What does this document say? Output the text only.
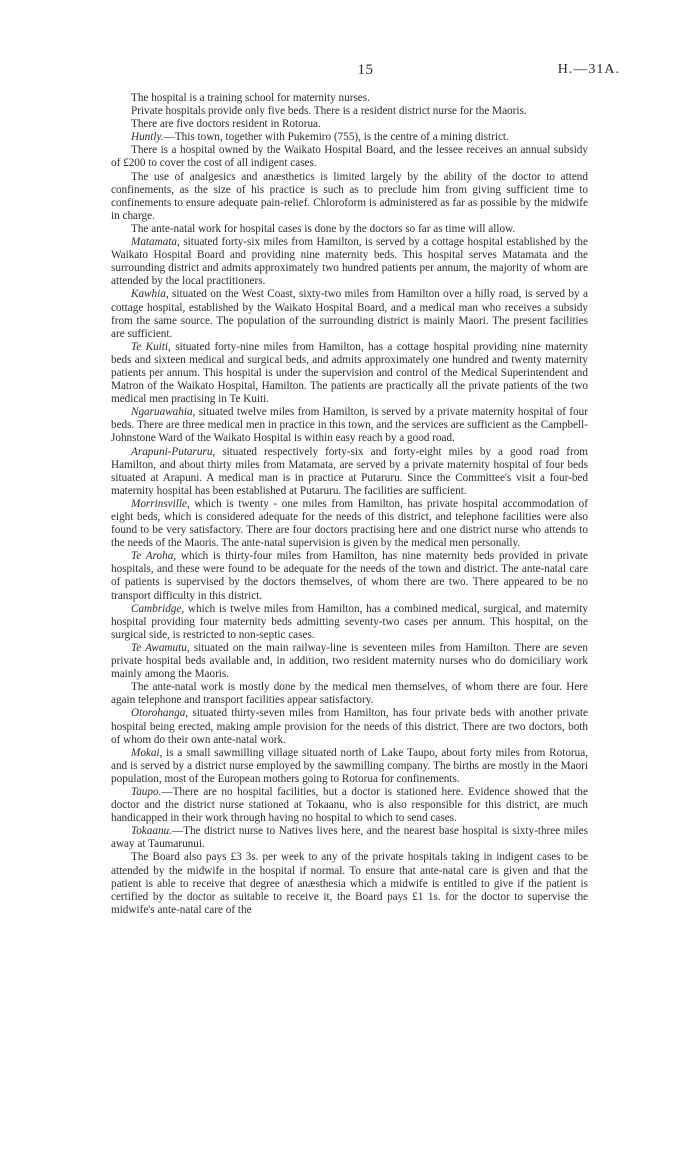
15	H.—31A.

The hospital is a training school for maternity nurses.

Private hospitals provide only five beds. There is a resident district nurse for the Maoris.

There are five doctors resident in Rotorua.

Huntly.—This town, together with Pukemiro (755), is the centre of a mining district.

There is a hospital owned by the Waikato Hospital Board, and the lessee receives an annual subsidy of £200 to cover the cost of all indigent cases.

The use of analgesics and anæsthetics is limited largely by the ability of the doctor to attend confinements, as the size of his practice is such as to preclude him from giving sufficient time to confinements to ensure adequate pain-relief. Chloroform is administered as far as possible by the midwife in charge.

The ante-natal work for hospital cases is done by the doctors so far as time will allow.

Matamata, situated forty-six miles from Hamilton, is served by a cottage hospital established by the Waikato Hospital Board and providing nine maternity beds. This hospital serves Matamata and the surrounding district and admits approximately two hundred patients per annum, the majority of whom are attended by the local practitioners.

Kawhia, situated on the West Coast, sixty-two miles from Hamilton over a hilly road, is served by a cottage hospital, established by the Waikato Hospital Board, and a medical man who receives a subsidy from the same source. The population of the surrounding district is mainly Maori. The present facilities are sufficient.

Te Kuiti, situated forty-nine miles from Hamilton, has a cottage hospital providing nine maternity beds and sixteen medical and surgical beds, and admits approximately one hundred and twenty maternity patients per annum. This hospital is under the supervision and control of the Medical Superintendent and Matron of the Waikato Hospital, Hamilton. The patients are practically all the private patients of the two medical men practising in Te Kuiti.

Ngaruawahia, situated twelve miles from Hamilton, is served by a private maternity hospital of four beds. There are three medical men in practice in this town, and the services are sufficient as the Campbell-Johnstone Ward of the Waikato Hospital is within easy reach by a good road.

Arapuni-Putaruru, situated respectively forty-six and forty-eight miles by a good road from Hamilton, and about thirty miles from Matamata, are served by a private maternity hospital of four beds situated at Arapuni. A medical man is in practice at Putaruru. Since the Committee's visit a four-bed maternity hospital has been established at Putaruru. The facilities are sufficient.

Morrinsville, which is twenty - one miles from Hamilton, has private hospital accommodation of eight beds, which is considered adequate for the needs of this district, and telephone facilities were also found to be very satisfactory. There are four doctors practising here and one district nurse who attends to the needs of the Maoris. The ante-natal supervision is given by the medical men personally.

Te Aroha, which is thirty-four miles from Hamilton, has nine maternity beds provided in private hospitals, and these were found to be adequate for the needs of the town and district. The ante-natal care of patients is supervised by the doctors themselves, of whom there are two. There appeared to be no transport difficulty in this district.

Cambridge, which is twelve miles from Hamilton, has a combined medical, surgical, and maternity hospital providing four maternity beds admitting seventy-two cases per annum. This hospital, on the surgical side, is restricted to non-septic cases.

Te Awamutu, situated on the main railway-line is seventeen miles from Hamilton. There are seven private hospital beds available and, in addition, two resident maternity nurses who do domiciliary work mainly among the Maoris.

The ante-natal work is mostly done by the medical men themselves, of whom there are four. Here again telephone and transport facilities appear satisfactory.

Otorohanga, situated thirty-seven miles from Hamilton, has four private beds with another private hospital being erected, making ample provision for the needs of this district. There are two doctors, both of whom do their own ante-natal work.

Mokai, is a small sawmilling village situated north of Lake Taupo, about forty miles from Rotorua, and is served by a district nurse employed by the sawmilling company. The births are mostly in the Maori population, most of the European mothers going to Rotorua for confinements.

Taupo.—There are no hospital facilities, but a doctor is stationed here. Evidence showed that the doctor and the district nurse stationed at Tokaanu, who is also responsible for this district, are much handicapped in their work through having no hospital to which to send cases.

Tokaanu.—The district nurse to Natives lives here, and the nearest base hospital is sixty-three miles away at Taumarunui.

The Board also pays £3 3s. per week to any of the private hospitals taking in indigent cases to be attended by the midwife in the hospital if normal. To ensure that ante-natal care is given and that the patient is able to receive that degree of anæsthesia which a midwife is entitled to give if the patient is certified by the doctor as suitable to receive it, the Board pays £1 1s. for the doctor to supervise the midwife's ante-natal care of the
